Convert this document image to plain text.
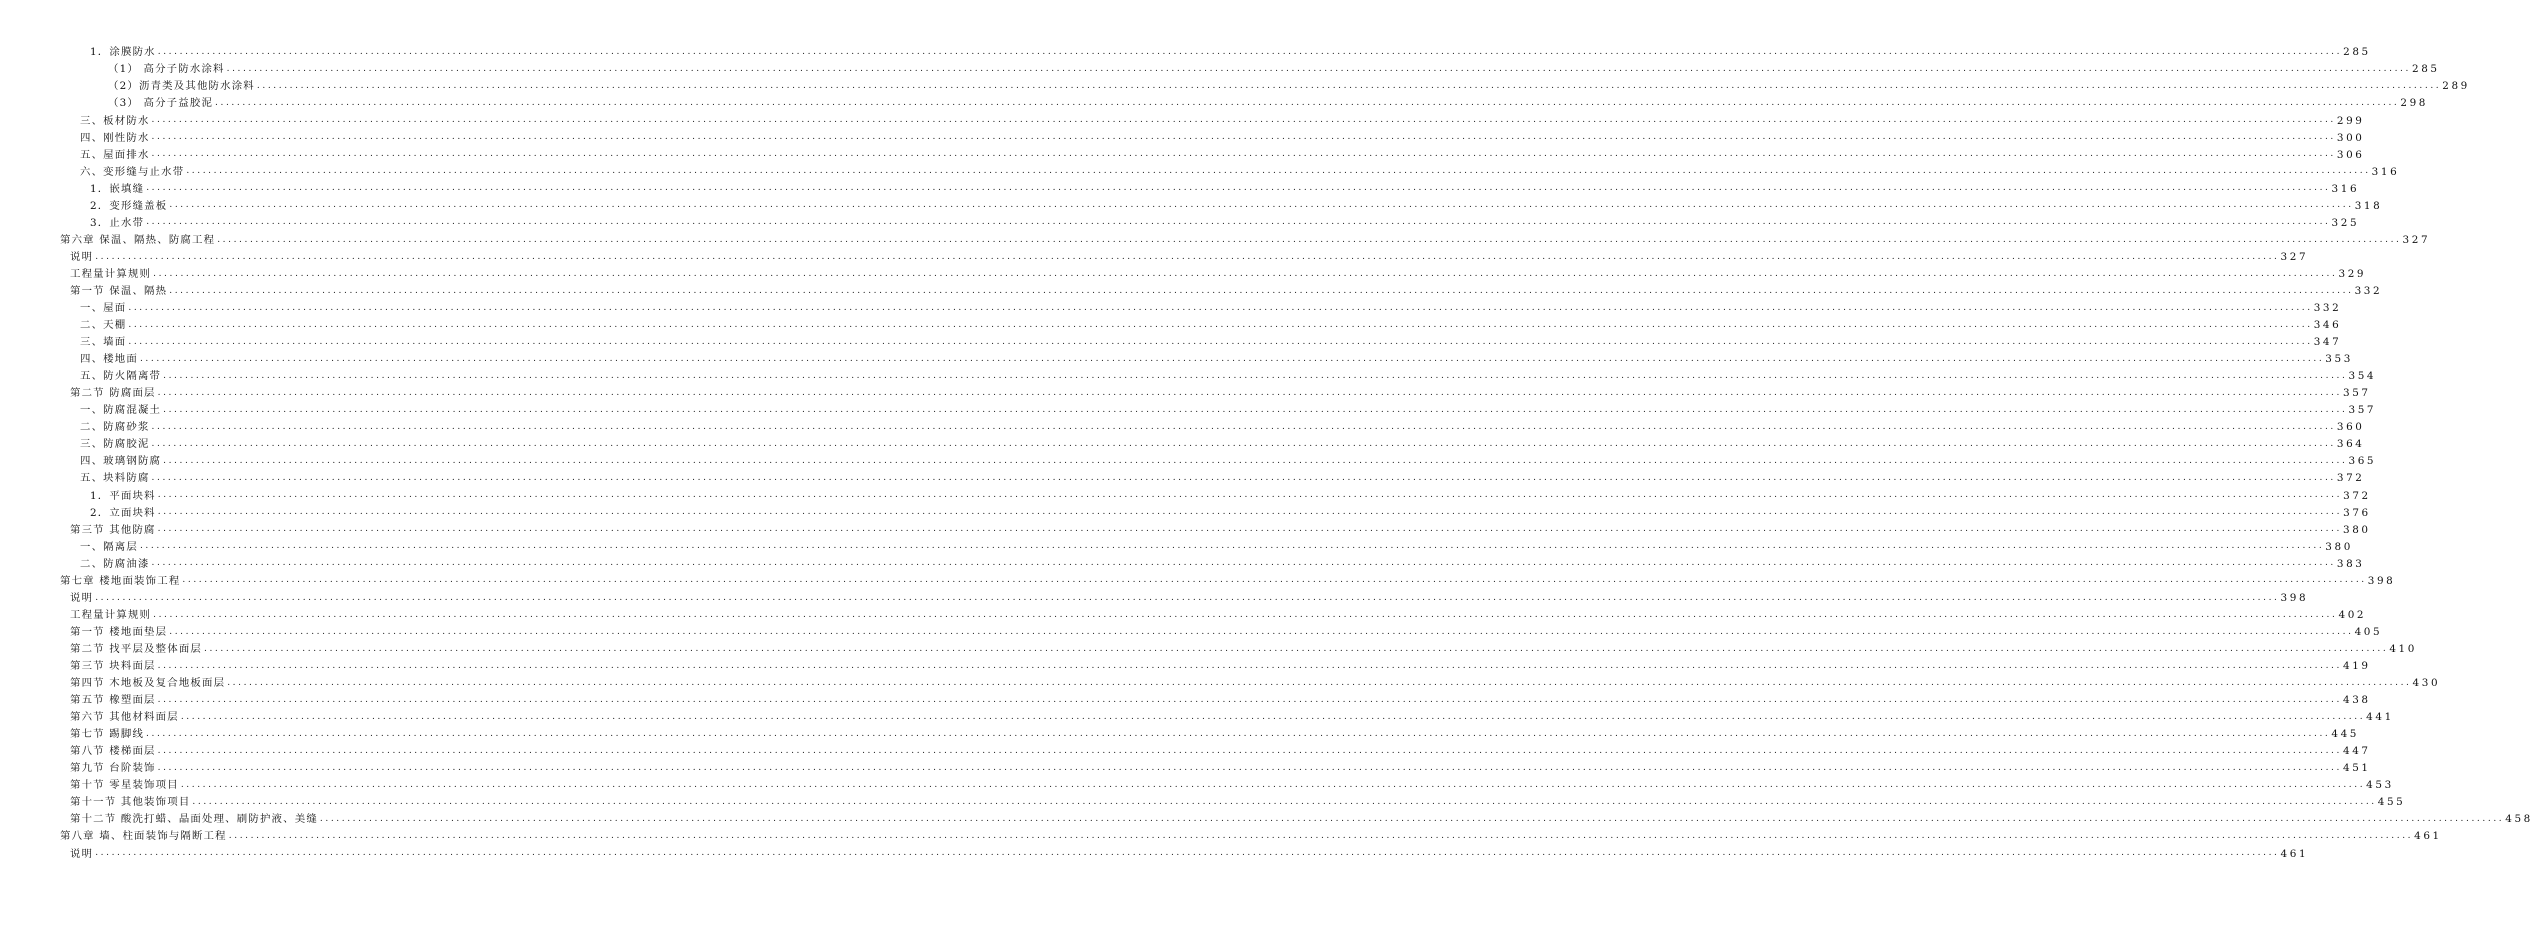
1．涂膜防水 ................................................................................................................................................................................................................................................................................................................................................................................................................ 285
（1） 高分子防水涂料 ................................................................................................................................................................................................................................................................................................................................................................................................................ 285
（2）沥青类及其他防水涂料 ................................................................................................................................................................................................................................................................................................................................................................................................................ 289
（3） 高分子益胶泥 ................................................................................................................................................................................................................................................................................................................................................................................................................ 298
三、板材防水 ................................................................................................................................................................................................................................................................................................................................................................................................................ 299
四、刚性防水 ................................................................................................................................................................................................................................................................................................................................................................................................................ 300
五、屋面排水 ................................................................................................................................................................................................................................................................................................................................................................................................................ 306
六、变形缝与止水带 ................................................................................................................................................................................................................................................................................................................................................................................................................ 316
1．嵌填缝 ................................................................................................................................................................................................................................................................................................................................................................................................................ 316
2．变形缝盖板 ................................................................................................................................................................................................................................................................................................................................................................................................................ 318
3．止水带 ................................................................................................................................................................................................................................................................................................................................................................................................................ 325
第六章 保温、隔热、防腐工程 ................................................................................................................................................................................................................................................................................................................................................................................................................ 327
说明 ................................................................................................................................................................................................................................................................................................................................................................................................................ 327
工程量计算规则 ................................................................................................................................................................................................................................................................................................................................................................................................................ 329
第一节 保温、隔热 ................................................................................................................................................................................................................................................................................................................................................................................................................ 332
一、屋面 ................................................................................................................................................................................................................................................................................................................................................................................................................ 332
二、天棚 ................................................................................................................................................................................................................................................................................................................................................................................................................ 346
三、墙面 ................................................................................................................................................................................................................................................................................................................................................................................................................ 347
四、楼地面 ................................................................................................................................................................................................................................................................................................................................................................................................................ 353
五、防火隔离带 ................................................................................................................................................................................................................................................................................................................................................................................................................ 354
第二节 防腐面层 ................................................................................................................................................................................................................................................................................................................................................................................................................ 357
一、防腐混凝土 ................................................................................................................................................................................................................................................................................................................................................................................................................ 357
二、防腐砂浆 ................................................................................................................................................................................................................................................................................................................................................................................................................ 360
三、防腐胶泥 ................................................................................................................................................................................................................................................................................................................................................................................................................ 364
四、玻璃钢防腐 ................................................................................................................................................................................................................................................................................................................................................................................................................ 365
五、块料防腐 ................................................................................................................................................................................................................................................................................................................................................................................................................ 372
1．平面块料 ................................................................................................................................................................................................................................................................................................................................................................................................................ 372
2．立面块料 ................................................................................................................................................................................................................................................................................................................................................................................................................ 376
第三节 其他防腐 ................................................................................................................................................................................................................................................................................................................................................................................................................ 380
一、隔离层 ................................................................................................................................................................................................................................................................................................................................................................................................................ 380
二、防腐油漆 ................................................................................................................................................................................................................................................................................................................................................................................................................ 383
第七章 楼地面装饰工程 ................................................................................................................................................................................................................................................................................................................................................................................................................ 398
说明 ................................................................................................................................................................................................................................................................................................................................................................................................................ 398
工程量计算规则 ................................................................................................................................................................................................................................................................................................................................................................................................................ 402
第一节 楼地面垫层 ................................................................................................................................................................................................................................................................................................................................................................................................................ 405
第二节 找平层及整体面层 ................................................................................................................................................................................................................................................................................................................................................................................................................ 410
第三节 块料面层 ................................................................................................................................................................................................................................................................................................................................................................................................................ 419
第四节 木地板及复合地板面层 ................................................................................................................................................................................................................................................................................................................................................................................................................ 430
第五节 橡塑面层 ................................................................................................................................................................................................................................................................................................................................................................................................................ 438
第六节 其他材料面层 ................................................................................................................................................................................................................................................................................................................................................................................................................ 441
第七节 踢脚线 ................................................................................................................................................................................................................................................................................................................................................................................................................ 445
第八节 楼梯面层 ................................................................................................................................................................................................................................................................................................................................................................................................................ 447
第九节 台阶装饰 ................................................................................................................................................................................................................................................................................................................................................................................................................ 451
第十节 零星装饰项目 ................................................................................................................................................................................................................................................................................................................................................................................................................ 453
第十一节 其他装饰项目 ................................................................................................................................................................................................................................................................................................................................................................................................................ 455
第十二节 酸洗打蜡、晶面处理、刷防护液、美缝 ................................................................................................................................................................................................................................................................................................................................................................................................................ 458
第八章 墙、柱面装饰与隔断工程 ................................................................................................................................................................................................................................................................................................................................................................................................................ 461
说明 ................................................................................................................................................................................................................................................................................................................................................................................................................ 461
